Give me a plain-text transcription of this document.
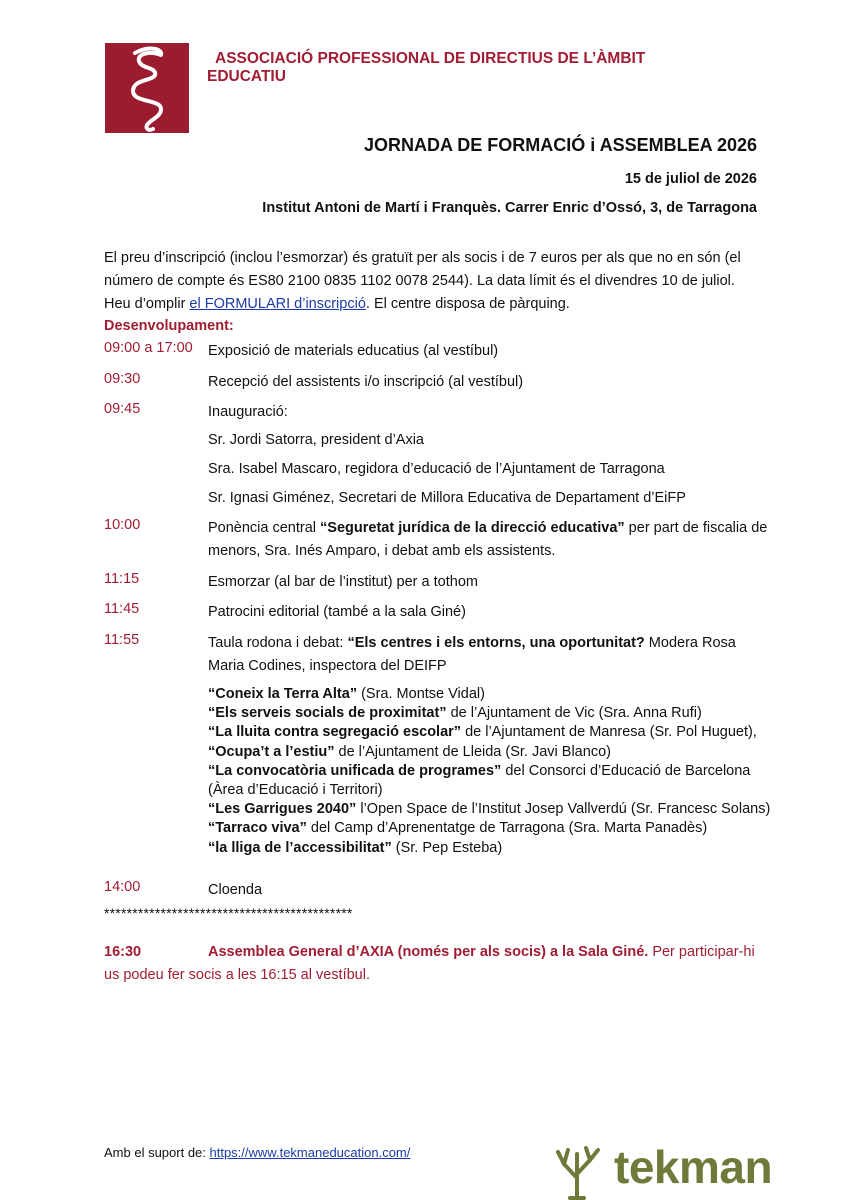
ASSOCIACIÓ PROFESSIONAL DE DIRECTIUS DE L’ÀMBIT
EDUCATIU
JORNADA DE FORMACIÓ i ASSEMBLEA 2026
15 de juliol de 2026
Institut Antoni de Martí i Franquès. Carrer Enric d’Ossó, 3, de Tarragona
El preu d’inscripció (inclou l’esmorzar) és gratuït per als socis i de 7 euros per als que no en són (el número de compte és ES80 2100 0835 1102 0078 2544). La data límit és el divendres 10 de juliol. Heu d’omplir el FORMULARI d’inscripció. El centre disposa de pàrquing.
Desenvolupament:
09:00 a 17:00 Exposició de materials educatius (al vestíbul)
09:30	Recepció del assistents i/o inscripció (al vestíbul)
09:45	Inauguració:
Sr. Jordi Satorra, president d’Axia
Sra. Isabel Mascaro, regidora d’educació de l’Ajuntament de Tarragona
Sr. Ignasi Giménez, Secretari de Millora Educativa de Departament d’EiFP
10:00	Ponència central “Seguretat jurídica de la direcció educativa” per part de fiscalia de menors, Sra. Inés Amparo, i debat amb els assistents.
11:15	Esmorzar (al bar de l’institut) per a tothom
11:45	Patrocini editorial (també a la sala Giné)
11:55	Taula rodona i debat: “Els centres i els entorns, una oportunitat? Modera Rosa Maria Codines, inspectora del DEIFP
“Coneix la Terra Alta” (Sra. Montse Vidal)
“Els serveis socials de proximitat” de l’Ajuntament de Vic (Sra. Anna Rufi)
“La lluita contra segregació escolar” de l’Ajuntament de Manresa (Sr. Pol Huguet),
“Ocupa’t a l’estiu” de l’Ajuntament de Lleida (Sr. Javi Blanco)
“La convocatòria unificada de programes” del Consorci d’Educació de Barcelona
(Àrea d’Educació i Territori)
“Les Garrigues 2040” l’Open Space de l’Institut Josep Vallverdú (Sr. Francesc Solans)
“Tarraco viva” del Camp d’Aprenentatge de Tarragona (Sra. Marta Panadès)
“la lliga de l’accessibilitat” (Sr. Pep Esteba)
14:00	Cloenda
********************************************
16:30	Assemblea General d’AXIA (només per als socis) a la Sala Giné. Per participar-hi us podeu fer socis a les 16:15 al vestíbul.
Amb el suport de: https://www.tekmaneducation.com/	tekman
